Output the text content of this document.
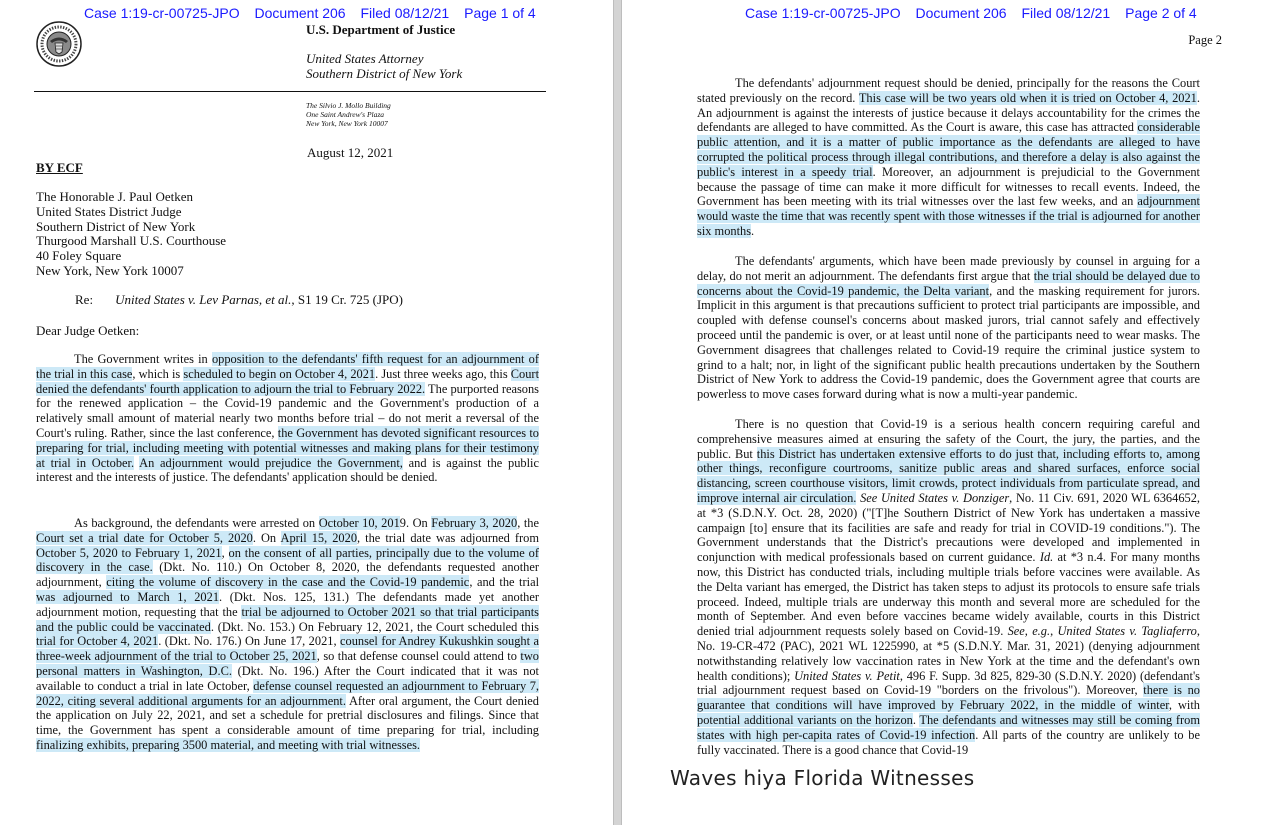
Case 1:19-cr-00725-JPO Document 206 Filed 08/12/21 Page 1 of 4
U.S. Department of Justice
United States Attorney
Southern District of New York
The Silvio J. Mollo Building
One Saint Andrew's Plaza
New York, New York 10007
August 12, 2021
BY ECF
The Honorable J. Paul Oetken
United States District Judge
Southern District of New York
Thurgood Marshall U.S. Courthouse
40 Foley Square
New York, New York 10007
Re: United States v. Lev Parnas, et al., S1 19 Cr. 725 (JPO)
Dear Judge Oetken:
The Government writes in opposition to the defendants' fifth request for an adjournment of the trial in this case, which is scheduled to begin on October 4, 2021. Just three weeks ago, this Court denied the defendants' fourth application to adjourn the trial to February 2022. The purported reasons for the renewed application – the Covid-19 pandemic and the Government's production of a relatively small amount of material nearly two months before trial – do not merit a reversal of the Court's ruling. Rather, since the last conference, the Government has devoted significant resources to preparing for trial, including meeting with potential witnesses and making plans for their testimony at trial in October. An adjournment would prejudice the Government, and is against the public interest and the interests of justice. The defendants' application should be denied.
As background, the defendants were arrested on October 10, 2019. On February 3, 2020, the Court set a trial date for October 5, 2020. On April 15, 2020, the trial date was adjourned from October 5, 2020 to February 1, 2021, on the consent of all parties, principally due to the volume of discovery in the case. (Dkt. No. 110.) On October 8, 2020, the defendants requested another adjournment, citing the volume of discovery in the case and the Covid-19 pandemic, and the trial was adjourned to March 1, 2021. (Dkt. Nos. 125, 131.) The defendants made yet another adjournment motion, requesting that the trial be adjourned to October 2021 so that trial participants and the public could be vaccinated. (Dkt. No. 153.) On February 12, 2021, the Court scheduled this trial for October 4, 2021. (Dkt. No. 176.) On June 17, 2021, counsel for Andrey Kukushkin sought a three-week adjournment of the trial to October 25, 2021, so that defense counsel could attend to two personal matters in Washington, D.C. (Dkt. No. 196.) After the Court indicated that it was not available to conduct a trial in late October, defense counsel requested an adjournment to February 7, 2022, citing several additional arguments for an adjournment. After oral argument, the Court denied the application on July 22, 2021, and set a schedule for pretrial disclosures and filings. Since that time, the Government has spent a considerable amount of time preparing for trial, including finalizing exhibits, preparing 3500 material, and meeting with trial witnesses.
Case 1:19-cr-00725-JPO Document 206 Filed 08/12/21 Page 2 of 4
Page 2
The defendants' adjournment request should be denied, principally for the reasons the Court stated previously on the record. This case will be two years old when it is tried on October 4, 2021. An adjournment is against the interests of justice because it delays accountability for the crimes the defendants are alleged to have committed. As the Court is aware, this case has attracted considerable public attention, and it is a matter of public importance as the defendants are alleged to have corrupted the political process through illegal contributions, and therefore a delay is also against the public's interest in a speedy trial. Moreover, an adjournment is prejudicial to the Government because the passage of time can make it more difficult for witnesses to recall events. Indeed, the Government has been meeting with its trial witnesses over the last few weeks, and an adjournment would waste the time that was recently spent with those witnesses if the trial is adjourned for another six months.
The defendants' arguments, which have been made previously by counsel in arguing for a delay, do not merit an adjournment. The defendants first argue that the trial should be delayed due to concerns about the Covid-19 pandemic, the Delta variant, and the masking requirement for jurors. Implicit in this argument is that precautions sufficient to protect trial participants are impossible, and coupled with defense counsel's concerns about masked jurors, trial cannot safely and effectively proceed until the pandemic is over, or at least until none of the participants need to wear masks. The Government disagrees that challenges related to Covid-19 require the criminal justice system to grind to a halt; nor, in light of the significant public health precautions undertaken by the Southern District of New York to address the Covid-19 pandemic, does the Government agree that courts are powerless to move cases forward during what is now a multi-year pandemic.
There is no question that Covid-19 is a serious health concern requiring careful and comprehensive measures aimed at ensuring the safety of the Court, the jury, the parties, and the public. But this District has undertaken extensive efforts to do just that, including efforts to, among other things, reconfigure courtrooms, sanitize public areas and shared surfaces, enforce social distancing, screen courthouse visitors, limit crowds, protect individuals from particulate spread, and improve internal air circulation. See United States v. Donziger, No. 11 Civ. 691, 2020 WL 6364652, at *3 (S.D.N.Y. Oct. 28, 2020) ("[T]he Southern District of New York has undertaken a massive campaign [to] ensure that its facilities are safe and ready for trial in COVID-19 conditions."). The Government understands that the District's precautions were developed and implemented in conjunction with medical professionals based on current guidance. Id. at *3 n.4. For many months now, this District has conducted trials, including multiple trials before vaccines were available. As the Delta variant has emerged, the District has taken steps to adjust its protocols to ensure safe trials proceed. Indeed, multiple trials are underway this month and several more are scheduled for the month of September. And even before vaccines became widely available, courts in this District denied trial adjournment requests solely based on Covid-19. See, e.g., United States v. Tagliaferro, No. 19-CR-472 (PAC), 2021 WL 1225990, at *5 (S.D.N.Y. Mar. 31, 2021) (denying adjournment notwithstanding relatively low vaccination rates in New York at the time and the defendant's own health conditions); United States v. Petit, 496 F. Supp. 3d 825, 829-30 (S.D.N.Y. 2020) (defendant's trial adjournment request based on Covid-19 "borders on the frivolous"). Moreover, there is no guarantee that conditions will have improved by February 2022, in the middle of winter, with potential additional variants on the horizon. The defendants and witnesses may still be coming from states with high per-capita rates of Covid-19 infection. All parts of the country are unlikely to be fully vaccinated. There is a good chance that Covid-19
Waves hiya Florida Witnesses
